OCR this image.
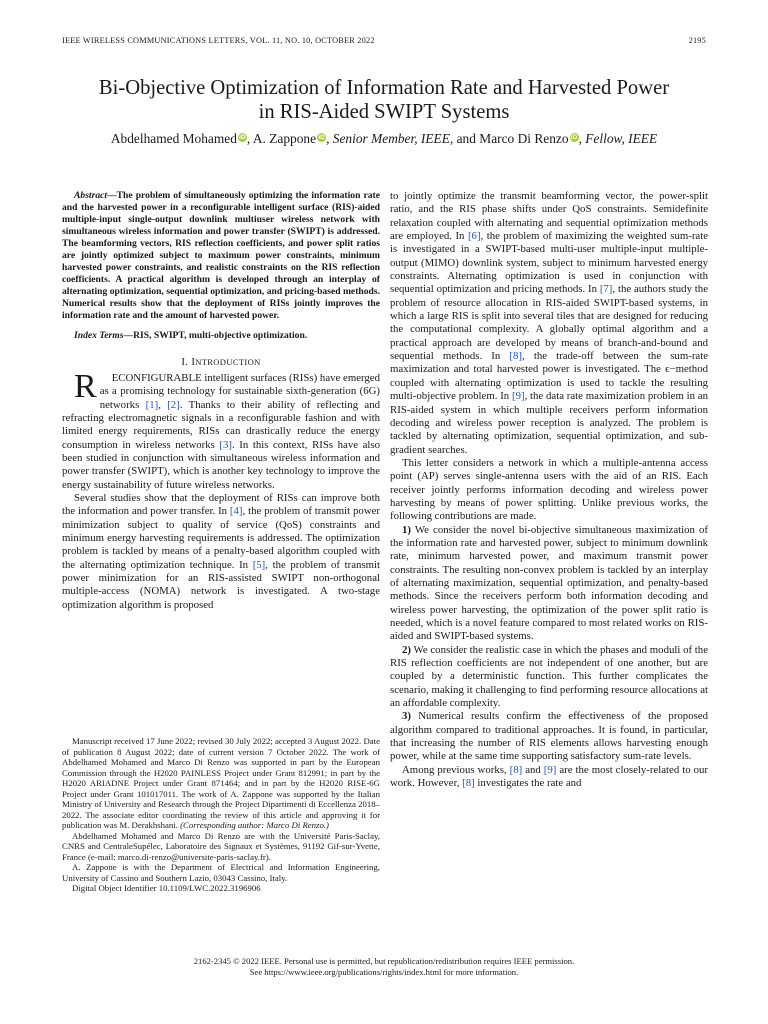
IEEE WIRELESS COMMUNICATIONS LETTERS, VOL. 11, NO. 10, OCTOBER 2022	2195
Bi-Objective Optimization of Information Rate and Harvested Power
in RIS-Aided SWIPT Systems
Abdelhamed Mohamed iD, A. Zappone iD, Senior Member, IEEE, and Marco Di Renzo iD, Fellow, IEEE

Abstract—The problem of simultaneously optimizing the information rate and the harvested power in a reconfigurable intelligent surface (RIS)-aided multiple-input single-output downlink multiuser wireless network with simultaneous wireless information and power transfer (SWIPT) is addressed. The beamforming vectors, RIS reflection coefficients, and power split ratios are jointly optimized subject to maximum power constraints, minimum harvested power constraints, and realistic constraints on the RIS reflection coefficients. A practical algorithm is developed through an interplay of alternating optimization, sequential optimization, and pricing-based methods. Numerical results show that the deployment of RISs jointly improves the information rate and the amount of harvested power.

Index Terms—RIS, SWIPT, multi-objective optimization.

I. INTRODUCTION

R ECONFIGURABLE intelligent surfaces (RISs) have emerged as a promising technology for sustainable sixth-generation (6G) networks [1], [2]. Thanks to their ability of reflecting and refracting electromagnetic signals in a reconfigurable fashion and with limited energy requirements, RISs can drastically reduce the energy consumption in wireless networks [3]. In this context, RISs have also been studied in conjunction with simultaneous wireless information and power transfer (SWIPT), which is another key technology to improve the energy sustainability of future wireless networks.

Several studies show that the deployment of RISs can improve both the information and power transfer. In [4], the problem of transmit power minimization subject to quality of service (QoS) constraints and minimum energy harvesting requirements is addressed. The optimization problem is tackled by means of a penalty-based algorithm coupled with the alternating optimization technique. In [5], the problem of transmit power minimization for an RIS-assisted SWIPT non-orthogonal multiple-access (NOMA) network is investigated. A two-stage optimization algorithm is proposed

Manuscript received 17 June 2022; revised 30 July 2022; accepted 3 August 2022. Date of publication 8 August 2022; date of current version 7 October 2022. The work of Abdelhamed Mohamed and Marco Di Renzo was supported in part by the European Commission through the H2020 PAINLESS Project under Grant 812991; in part by the H2020 ARIADNE Project under Grant 871464; and in part by the H2020 RISE-6G Project under Grant 101017011. The work of A. Zappone was supported by the Italian Ministry of University and Research through the Project Dipartimenti di Eccellenza 2018–2022. The associate editor coordinating the review of this article and approving it for publication was M. Derakhshani. (Corresponding author: Marco Di Renzo.)

Abdelhamed Mohamed and Marco Di Renzo are with the Université Paris-Saclay, CNRS and CentraleSupélec, Laboratoire des Signaux et Systèmes, 91192 Gif-sur-Yvette, France (e-mail: marco.di-renzo@universite-paris-saclay.fr).

A. Zappone is with the Department of Electrical and Information Engineering, University of Cassino and Southern Lazio, 03043 Cassino, Italy.

Digital Object Identifier 10.1109/LWC.2022.3196906

to jointly optimize the transmit beamforming vector, the power-split ratio, and the RIS phase shifts under QoS constraints. Semidefinite relaxation coupled with alternating and sequential optimization methods are employed. In [6], the problem of maximizing the weighted sum-rate is investigated in a SWIPT-based multi-user multiple-input multiple-output (MIMO) downlink system, subject to minimum harvested energy constraints. Alternating optimization is used in conjunction with sequential optimization and pricing methods. In [7], the authors study the problem of resource allocation in RIS-aided SWIPT-based systems, in which a large RIS is split into several tiles that are designed for reducing the computational complexity. A globally optimal algorithm and a practical approach are developed by means of branch-and-bound and sequential methods. In [8], the trade-off between the sum-rate maximization and total harvested power is investigated. The ϵ−method coupled with alternating optimization is used to tackle the resulting multi-objective problem. In [9], the data rate maximization problem in an RIS-aided system in which multiple receivers perform information decoding and wireless power reception is analyzed. The problem is tackled by alternating optimization, sequential optimization, and sub-gradient searches.

This letter considers a network in which a multiple-antenna access point (AP) serves single-antenna users with the aid of an RIS. Each receiver jointly performs information decoding and wireless power harvesting by means of power splitting. Unlike previous works, the following contributions are made.

1) We consider the novel bi-objective simultaneous maximization of the information rate and harvested power, subject to minimum downlink rate, minimum harvested power, and maximum transmit power constraints. The resulting non-convex problem is tackled by an interplay of alternating maximization, sequential optimization, and penalty-based methods. Since the receivers perform both information decoding and wireless power harvesting, the optimization of the power split ratio is needed, which is a novel feature compared to most related works on RIS-aided and SWIPT-based systems.

2) We consider the realistic case in which the phases and moduli of the RIS reflection coefficients are not independent of one another, but are coupled by a deterministic function. This further complicates the scenario, making it challenging to find performing resource allocations at an affordable complexity.

3) Numerical results confirm the effectiveness of the proposed algorithm compared to traditional approaches. It is found, in particular, that increasing the number of RIS elements allows harvesting enough power, while at the same time supporting satisfactory sum-rate levels.

Among previous works, [8] and [9] are the most closely-related to our work. However, [8] investigates the rate and

2162-2345 © 2022 IEEE. Personal use is permitted, but republication/redistribution requires IEEE permission.
See https://www.ieee.org/publications/rights/index.html for more information.
